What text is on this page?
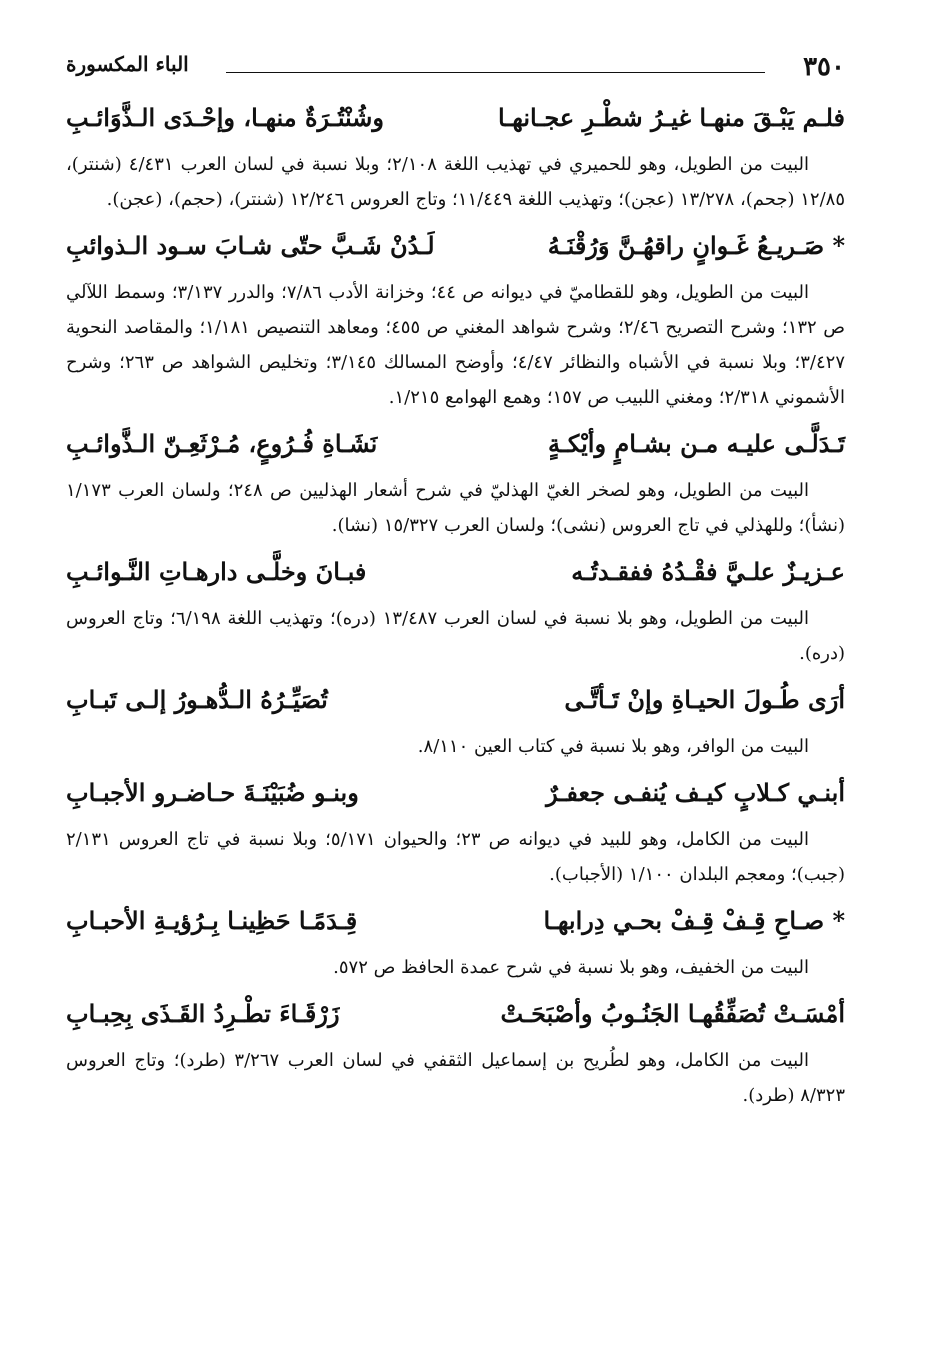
٣٥٠
الباء المكسورة
فلـم يَبْـقَ منهـا غيـرُ شطْـرِ عجـانهـا
وشُنْتُـرَةٌ منهـا، وإحْـدَى الـذَّوَائـبِ

البيت من الطويل، وهو للحميري في تهذيب اللغة ٢/١٠٨؛ وبلا نسبة في لسان العرب ٤/٤٣١ (شنتر)، ١٢/٨٥ (جحم)، ١٣/٢٧٨ (عجن)؛ وتهذيب اللغة ١١/٤٤٩؛ وتاج العروس ١٢/٢٤٦ (شنتر)، (حجم)، (عجن).

* صَـريـعُ غَـوانٍ راقهُـنَّ وَرُقْنَـهُ
لَـدُنْ شَـبَّ حتّى شـابَ سـود الـذوائبِ

البيت من الطويل، وهو للقطاميّ في ديوانه ص ٤٤؛ وخزانة الأدب ٧/٨٦؛ والدرر ٣/١٣٧؛ وسمط اللآلي ص ١٣٢؛ وشرح التصريح ٢/٤٦؛ وشرح شواهد المغني ص ٤٥٥؛ ومعاهد التنصيص ١/١٨١؛ والمقاصد النحوية ٣/٤٢٧؛ وبلا نسبة في الأشباه والنظائر ٤/٤٧؛ وأوضح المسالك ٣/١٤٥؛ وتخليص الشواهد ص ٢٦٣؛ وشرح الأشموني ٢/٣١٨؛ ومغني اللبيب ص ١٥٧؛ وهمع الهوامع ١/٢١٥.

تَـدَلَّـى عليـه مـن بشـامٍ وأيْكـةٍ
نَشَـاةِ فُـرُوعٍ، مُـرْثَعِـنّ الـذَّوائـبِ

البيت من الطويل، وهو لصخر الغيّ الهذليّ في شرح أشعار الهذليين ص ٢٤٨؛ ولسان العرب ١/١٧٣ (نشأ)؛ وللهذلي في تاج العروس (نشى)؛ ولسان العرب ١٥/٣٢٧ (نشا).

عـزيـزٌ علـيَّ فقْـدُهُ ففقـدتُـه
فبـانَ وخلَّـى دارهـاتِ النَّـوائـبِ

البيت من الطويل، وهو بلا نسبة في لسان العرب ١٣/٤٨٧ (دره)؛ وتهذيب اللغة ٦/١٩٨؛ وتاج العروس (دره).

أرَى طُـولَ الحيـاةِ وإنْ تَـأتَّـى
تُصَيِّـرُهُ الـدُّهـورُ إلـى تَبـابِ

البيت من الوافر، وهو بلا نسبة في كتاب العين ٨/١١٠.

أبنـي كـلابٍ كيـف يُنفـى جعفـرٌ
وبنـو ضُبَيْنَـةَ حـاضـرو الأجبـابِ

البيت من الكامل، وهو للبيد في ديوانه ص ٢٣؛ والحيوان ٥/١٧١؛ وبلا نسبة في تاج العروس ٢/١٣١ (جبب)؛ ومعجم البلدان ١/١٠٠ (الأجباب).

* صـاحِ قِـفْ قِـفْ بحـي دِرابهـا
قِـدَمًـا حَظِينـا بِـرُؤيـةِ الأحبـابِ

البيت من الخفيف، وهو بلا نسبة في شرح عمدة الحافظ ص ٥٧٢.

أمْسَـتْ تُصَفِّقُهـا الجَنُـوبُ وأصْبَحَـتْ
زَرْقَـاءَ تطْـرِدُ القَـذَى بِحِبـابِ

البيت من الكامل، وهو لطُريح بن إسماعيل الثقفي في لسان العرب ٣/٢٦٧ (طرد)؛ وتاج العروس ٨/٣٢٣ (طرد).
